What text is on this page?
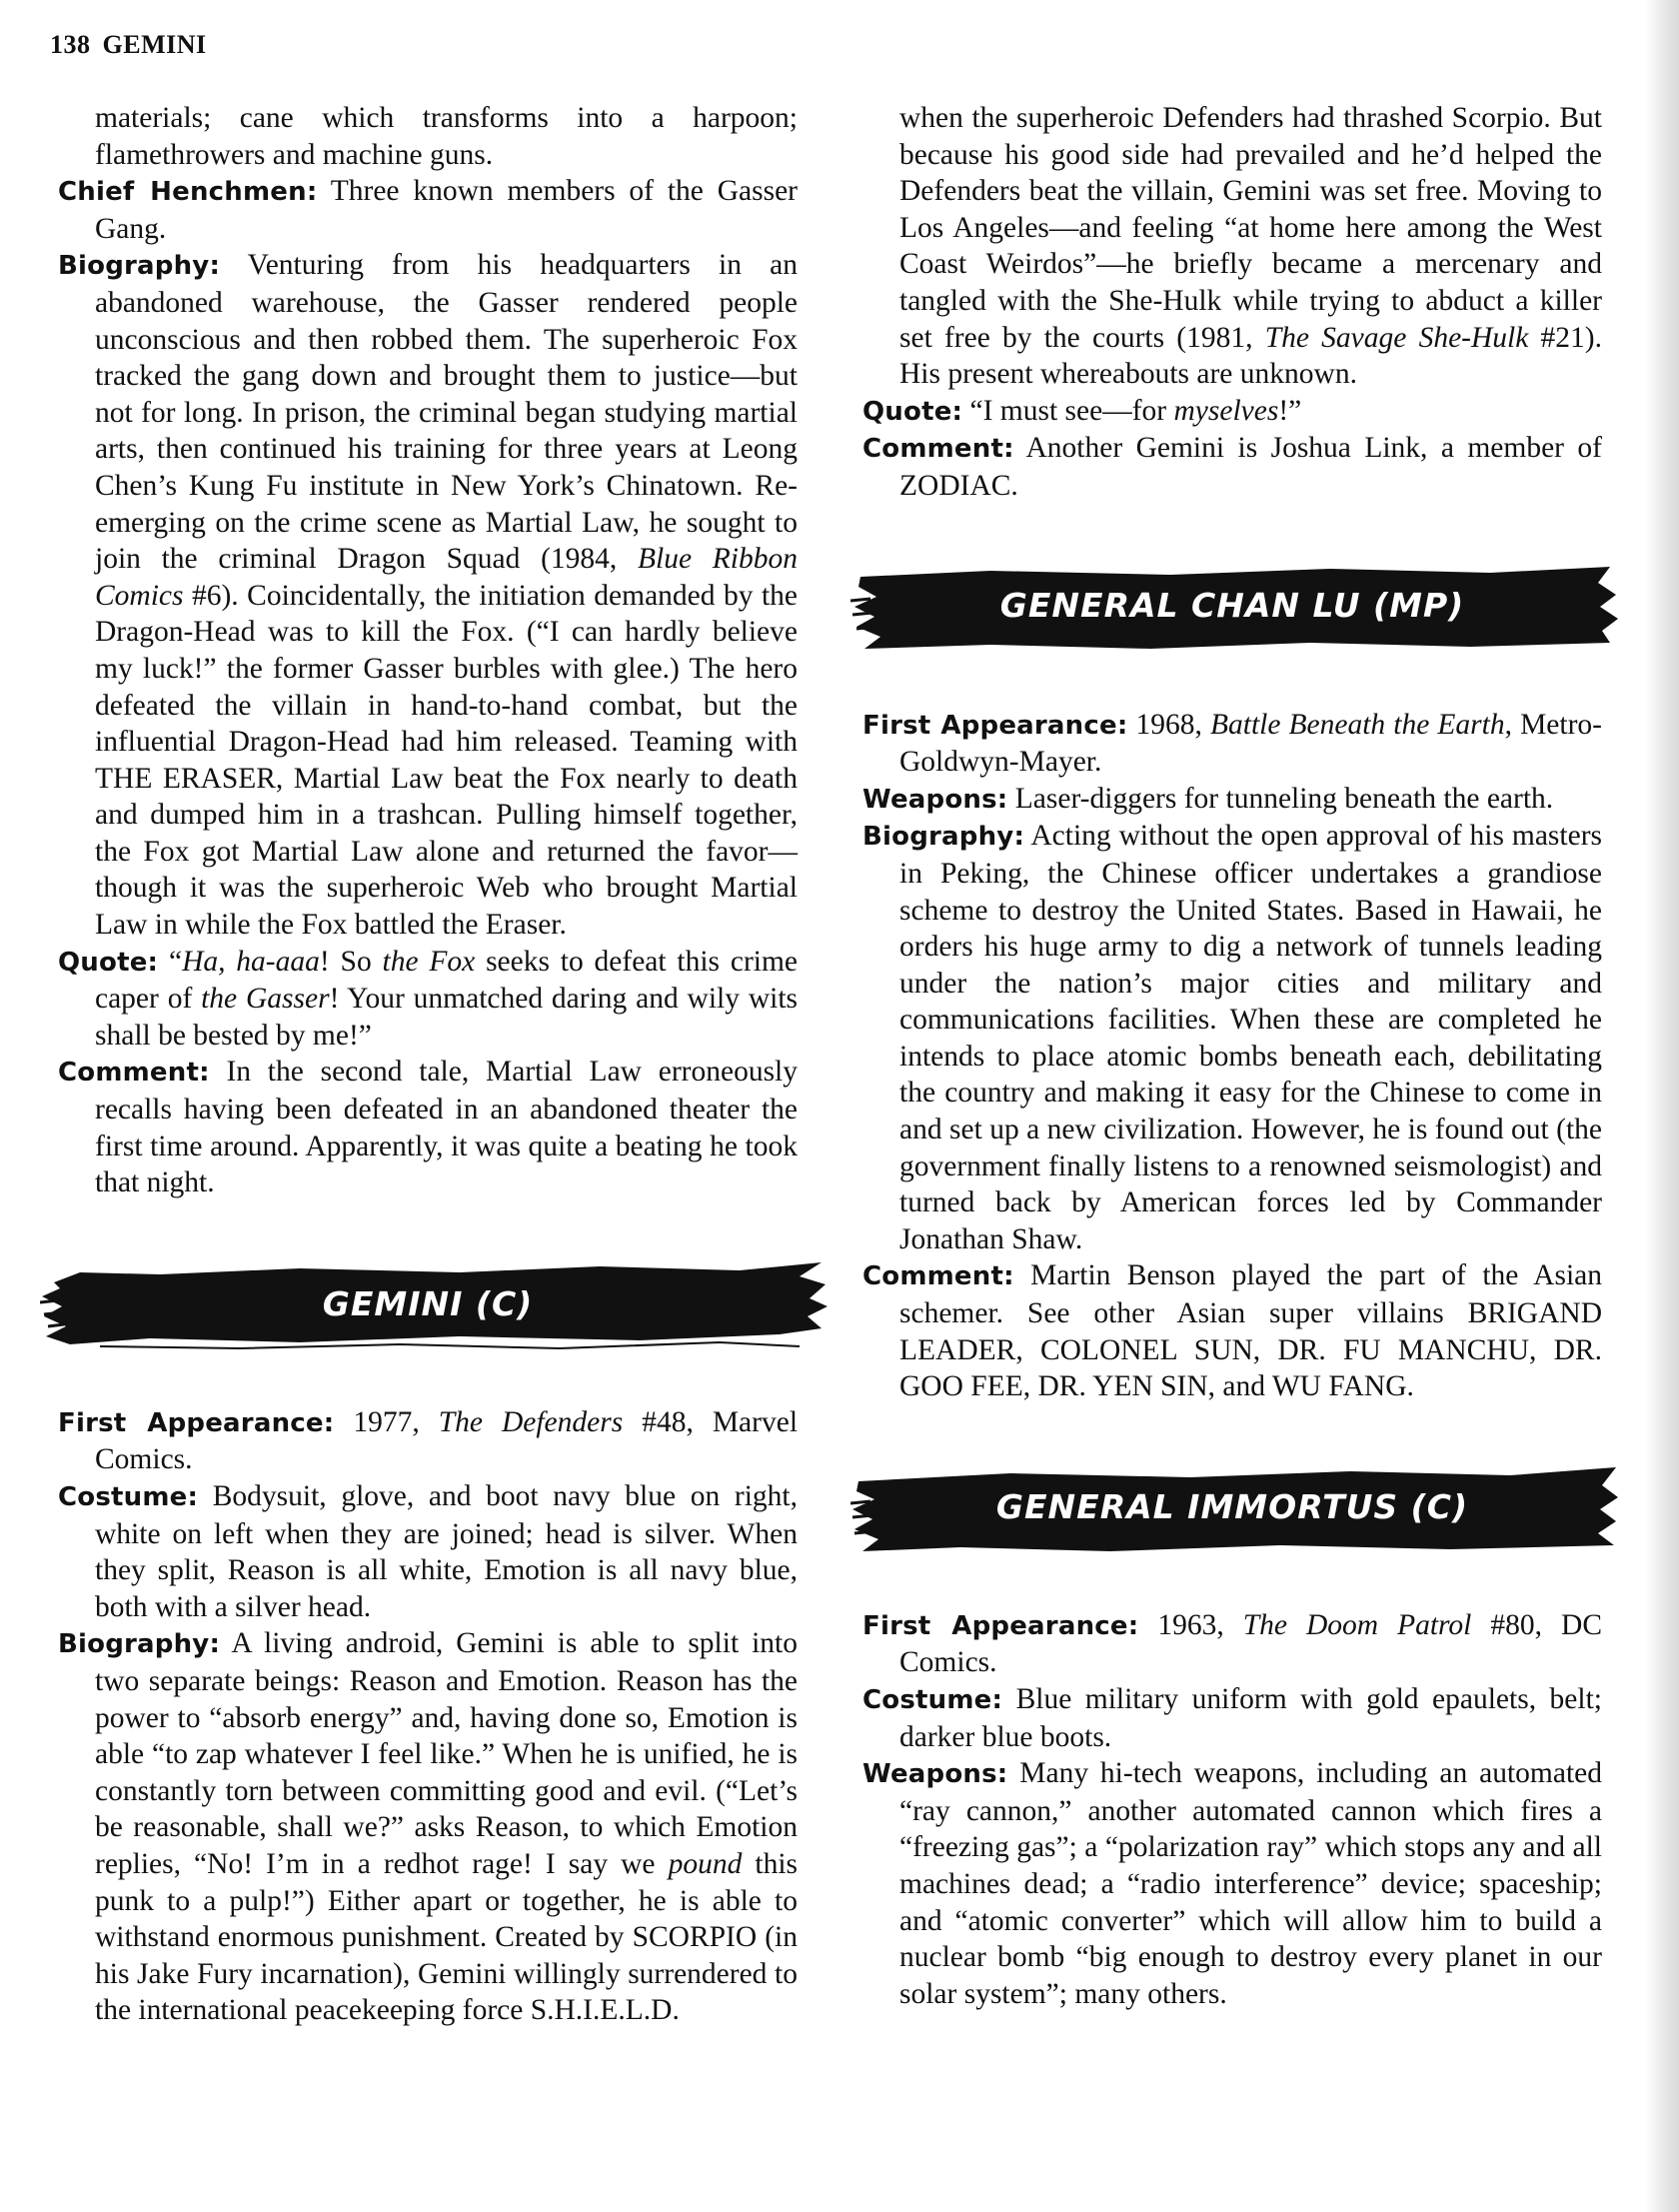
138 GEMINI

materials; cane which transforms into a harpoon; flamethrowers and machine guns.

Chief Henchmen: Three known members of the Gasser Gang.

Biography: Venturing from his headquarters in an abandoned warehouse, the Gasser rendered people unconscious and then robbed them. The superheroic Fox tracked the gang down and brought them to justice—but not for long. In prison, the criminal began studying martial arts, then continued his training for three years at Leong Chen’s Kung Fu institute in New York’s Chinatown. Re-emerging on the crime scene as Martial Law, he sought to join the criminal Dragon Squad (1984, Blue Ribbon Comics #6). Coincidentally, the initiation demanded by the Dragon-Head was to kill the Fox. (“I can hardly believe my luck!” the former Gasser burbles with glee.) The hero defeated the villain in hand-to-hand combat, but the influential Dragon-Head had him released. Teaming with THE ERASER, Martial Law beat the Fox nearly to death and dumped him in a trashcan. Pulling himself together, the Fox got Martial Law alone and returned the favor—though it was the superheroic Web who brought Martial Law in while the Fox battled the Eraser.

Quote: “Ha, ha-aaa! So the Fox seeks to defeat this crime caper of the Gasser! Your unmatched daring and wily wits shall be bested by me!”

Comment: In the second tale, Martial Law erroneously recalls having been defeated in an abandoned theater the first time around. Apparently, it was quite a beating he took that night.

GEMINI (C)

First Appearance: 1977, The Defenders #48, Marvel Comics.

Costume: Bodysuit, glove, and boot navy blue on right, white on left when they are joined; head is silver. When they split, Reason is all white, Emotion is all navy blue, both with a silver head.

Biography: A living android, Gemini is able to split into two separate beings: Reason and Emotion. Reason has the power to “absorb energy” and, having done so, Emotion is able “to zap whatever I feel like.” When he is unified, he is constantly torn between committing good and evil. (“Let’s be reasonable, shall we?” asks Reason, to which Emotion replies, “No! I’m in a redhot rage! I say we pound this punk to a pulp!”) Either apart or together, he is able to withstand enormous punishment. Created by SCORPIO (in his Jake Fury incarnation), Gemini willingly surrendered to the international peacekeeping force S.H.I.E.L.D.

when the superheroic Defenders had thrashed Scorpio. But because his good side had prevailed and he’d helped the Defenders beat the villain, Gemini was set free. Moving to Los Angeles—and feeling “at home here among the West Coast Weirdos”—he briefly became a mercenary and tangled with the She-Hulk while trying to abduct a killer set free by the courts (1981, The Savage She-Hulk #21). His present whereabouts are unknown.

Quote: “I must see—for myselves!”

Comment: Another Gemini is Joshua Link, a member of ZODIAC.

GENERAL CHAN LU (MP)

First Appearance: 1968, Battle Beneath the Earth, Metro-Goldwyn-Mayer.

Weapons: Laser-diggers for tunneling beneath the earth.

Biography: Acting without the open approval of his masters in Peking, the Chinese officer undertakes a grandiose scheme to destroy the United States. Based in Hawaii, he orders his huge army to dig a network of tunnels leading under the nation’s major cities and military and communications facilities. When these are completed he intends to place atomic bombs beneath each, debilitating the country and making it easy for the Chinese to come in and set up a new civilization. However, he is found out (the government finally listens to a renowned seismologist) and turned back by American forces led by Commander Jonathan Shaw.

Comment: Martin Benson played the part of the Asian schemer. See other Asian super villains BRIGAND LEADER, COLONEL SUN, DR. FU MANCHU, DR. GOO FEE, DR. YEN SIN, and WU FANG.

GENERAL IMMORTUS (C)

First Appearance: 1963, The Doom Patrol #80, DC Comics.

Costume: Blue military uniform with gold epaulets, belt; darker blue boots.

Weapons: Many hi-tech weapons, including an automated “ray cannon,” another automated cannon which fires a “freezing gas”; a “polarization ray” which stops any and all machines dead; a “radio interference” device; spaceship; and “atomic converter” which will allow him to build a nuclear bomb “big enough to destroy every planet in our solar system”; many others.
